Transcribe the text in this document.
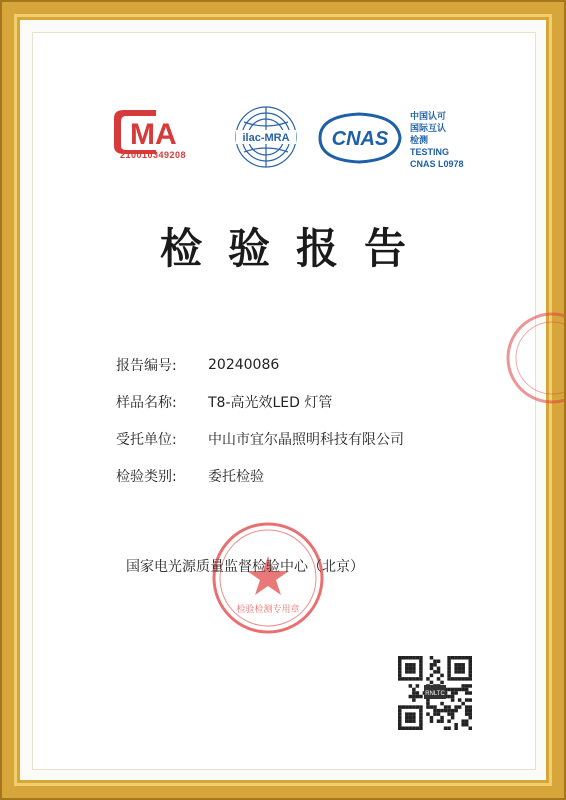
MA
210010349208
ilac-MRA CNAS
中国认可
国际互认
检测
TESTING
CNAS L0978
检验报告
报告编号:	20240086
样品名称:	T8-高光效LED 灯管
受托单位:	中山市宜尔晶照明科技有限公司
检验类别:	委托检验
检验检测专用章
国家电光源质量监督检验中心（北京）
RNLTC
